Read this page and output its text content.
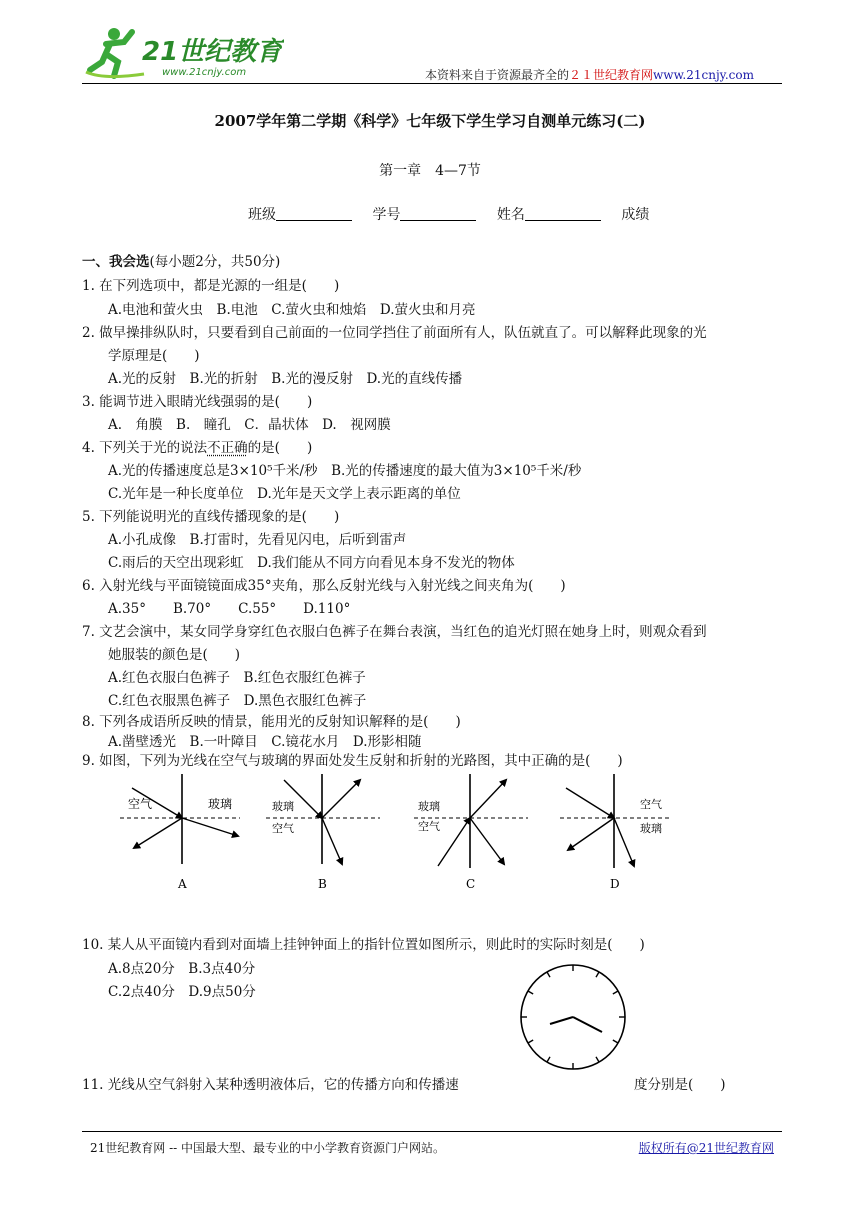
21世纪教育
www.21cnjy.com	本资料来自于资源最齐全的２１世纪教育网www.21cnjy.com
2007学年第二学期《科学》七年级下学生学习自测单元练习(二)
第一章　4—7节
班级	学号	姓名	成绩
一、我会选(每小题2分，共50分)
1. 在下列选项中，都是光源的一组是(　　)
A.电池和萤火虫　B.电池　C.萤火虫和烛焰　D.萤火虫和月亮
2. 做早操排纵队时，只要看到自己前面的一位同学挡住了前面所有人，队伍就直了。可以解释此现象的光
学原理是(　　)
A.光的反射　B.光的折射　B.光的漫反射　D.光的直线传播
3. 能调节进入眼睛光线强弱的是(　　)
A.　角膜　B.　瞳孔　C．晶状体　D.　视网膜
4. 下列关于光的说法不正确的是(　　)
A.光的传播速度总是3×10⁵千米/秒　B.光的传播速度的最大值为3×10⁵千米/秒
C.光年是一种长度单位　D.光年是天文学上表示距离的单位
5. 下列能说明光的直线传播现象的是(　　)
A.小孔成像　B.打雷时，先看见闪电，后听到雷声
C.雨后的天空出现彩虹　D.我们能从不同方向看见本身不发光的物体
6. 入射光线与平面镜镜面成35°夹角，那么反射光线与入射光线之间夹角为(　　)
A.35°　　B.70°　　C.55°　　D.110°
7. 文艺会演中，某女同学身穿红色衣服白色裤子在舞台表演，当红色的追光灯照在她身上时，则观众看到
她服装的颜色是(　　)
A.红色衣服白色裤子　B.红色衣服红色裤子
C.红色衣服黑色裤子　D.黑色衣服红色裤子
8. 下列各成语所反映的情景，能用光的反射知识解释的是(　　)
A.凿壁透光　B.一叶障目　C.镜花水月　D.形影相随
9. 如图，下列为光线在空气与玻璃的界面处发生反射和折射的光路图，其中正确的是(　　)
空气	玻璃
A
玻璃
空气
B
玻璃
空气
C
空气
玻璃
D
10. 某人从平面镜内看到对面墙上挂钟钟面上的指针位置如图所示，则此时的实际时刻是(　　)
A.8点20分　B.3点40分
C.2点40分　D.9点50分
11. 光线从空气斜射入某种透明液体后，它的传播方向和传播速	度分别是(　　)
21世纪教育网 -- 中国最大型、最专业的中小学教育资源门户网站。	版权所有@21世纪教育网
